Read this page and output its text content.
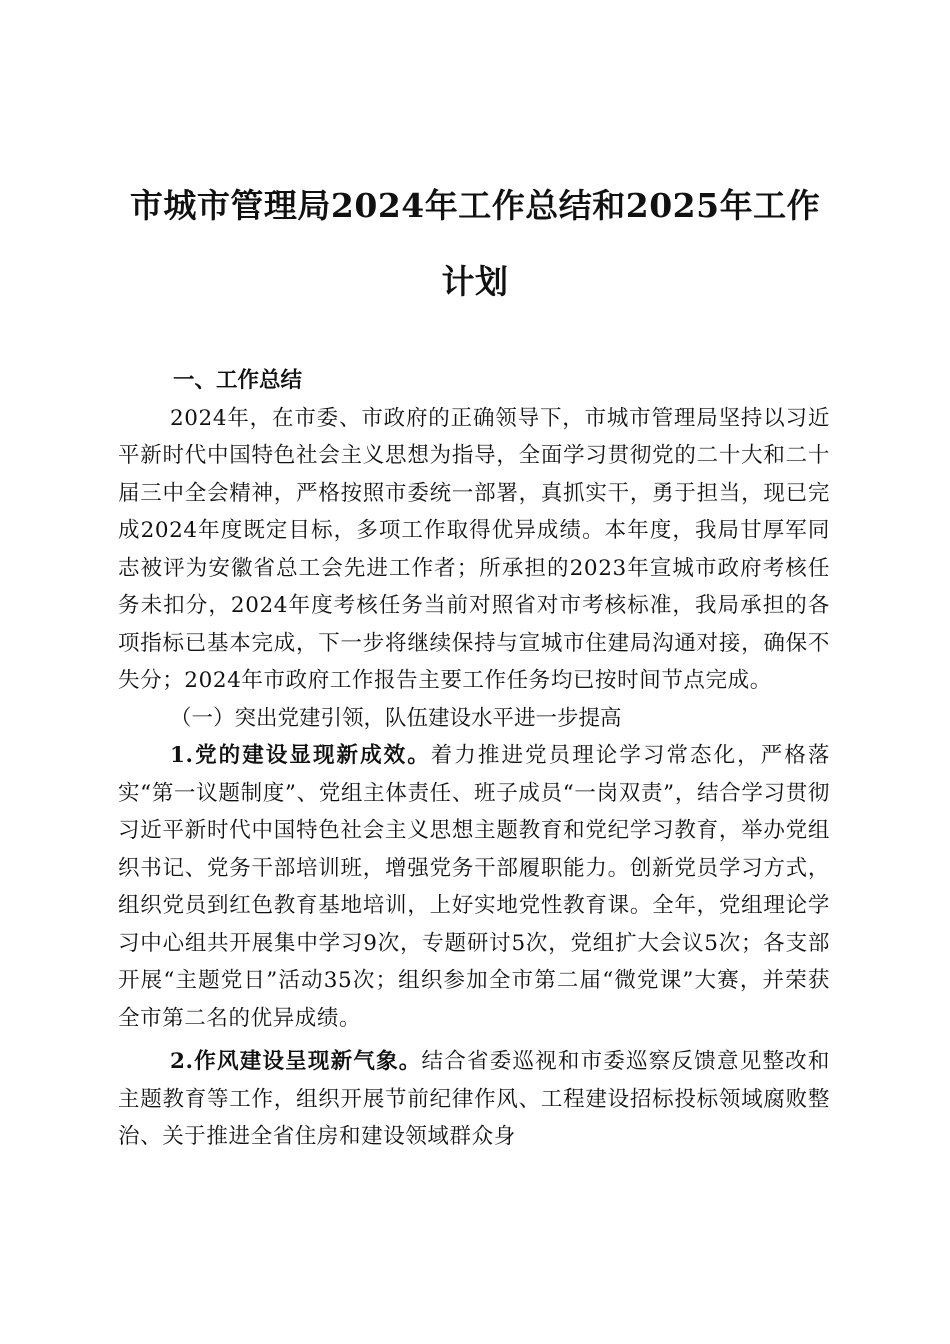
市城市管理局2024年工作总结和2025年工作
计划

一、工作总结

2024年，在市委、市政府的正确领导下，市城市管理局坚持以习近平新时代中国特色社会主义思想为指导，全面学习贯彻党的二十大和二十届三中全会精神，严格按照市委统一部署，真抓实干，勇于担当，现已完成2024年度既定目标，多项工作取得优异成绩。本年度，我局甘厚军同志被评为安徽省总工会先进工作者；所承担的2023年宣城市政府考核任务未扣分，2024年度考核任务当前对照省对市考核标准，我局承担的各项指标已基本完成，下一步将继续保持与宣城市住建局沟通对接，确保不失分；2024年市政府工作报告主要工作任务均已按时间节点完成。

（一）突出党建引领，队伍建设水平进一步提高

1.党的建设显现新成效。着力推进党员理论学习常态化，严格落实“第一议题制度”、党组主体责任、班子成员“一岗双责”，结合学习贯彻习近平新时代中国特色社会主义思想主题教育和党纪学习教育，举办党组织书记、党务干部培训班，增强党务干部履职能力。创新党员学习方式，组织党员到红色教育基地培训，上好实地党性教育课。全年，党组理论学习中心组共开展集中学习9次，专题研讨5次，党组扩大会议5次；各支部开展“主题党日”活动35次；组织参加全市第二届“微党课”大赛，并荣获全市第二名的优异成绩。

2.作风建设呈现新气象。结合省委巡视和市委巡察反馈意见整改和主题教育等工作，组织开展节前纪律作风、工程建设招标投标领域腐败整治、关于推进全省住房和建设领域群众身
